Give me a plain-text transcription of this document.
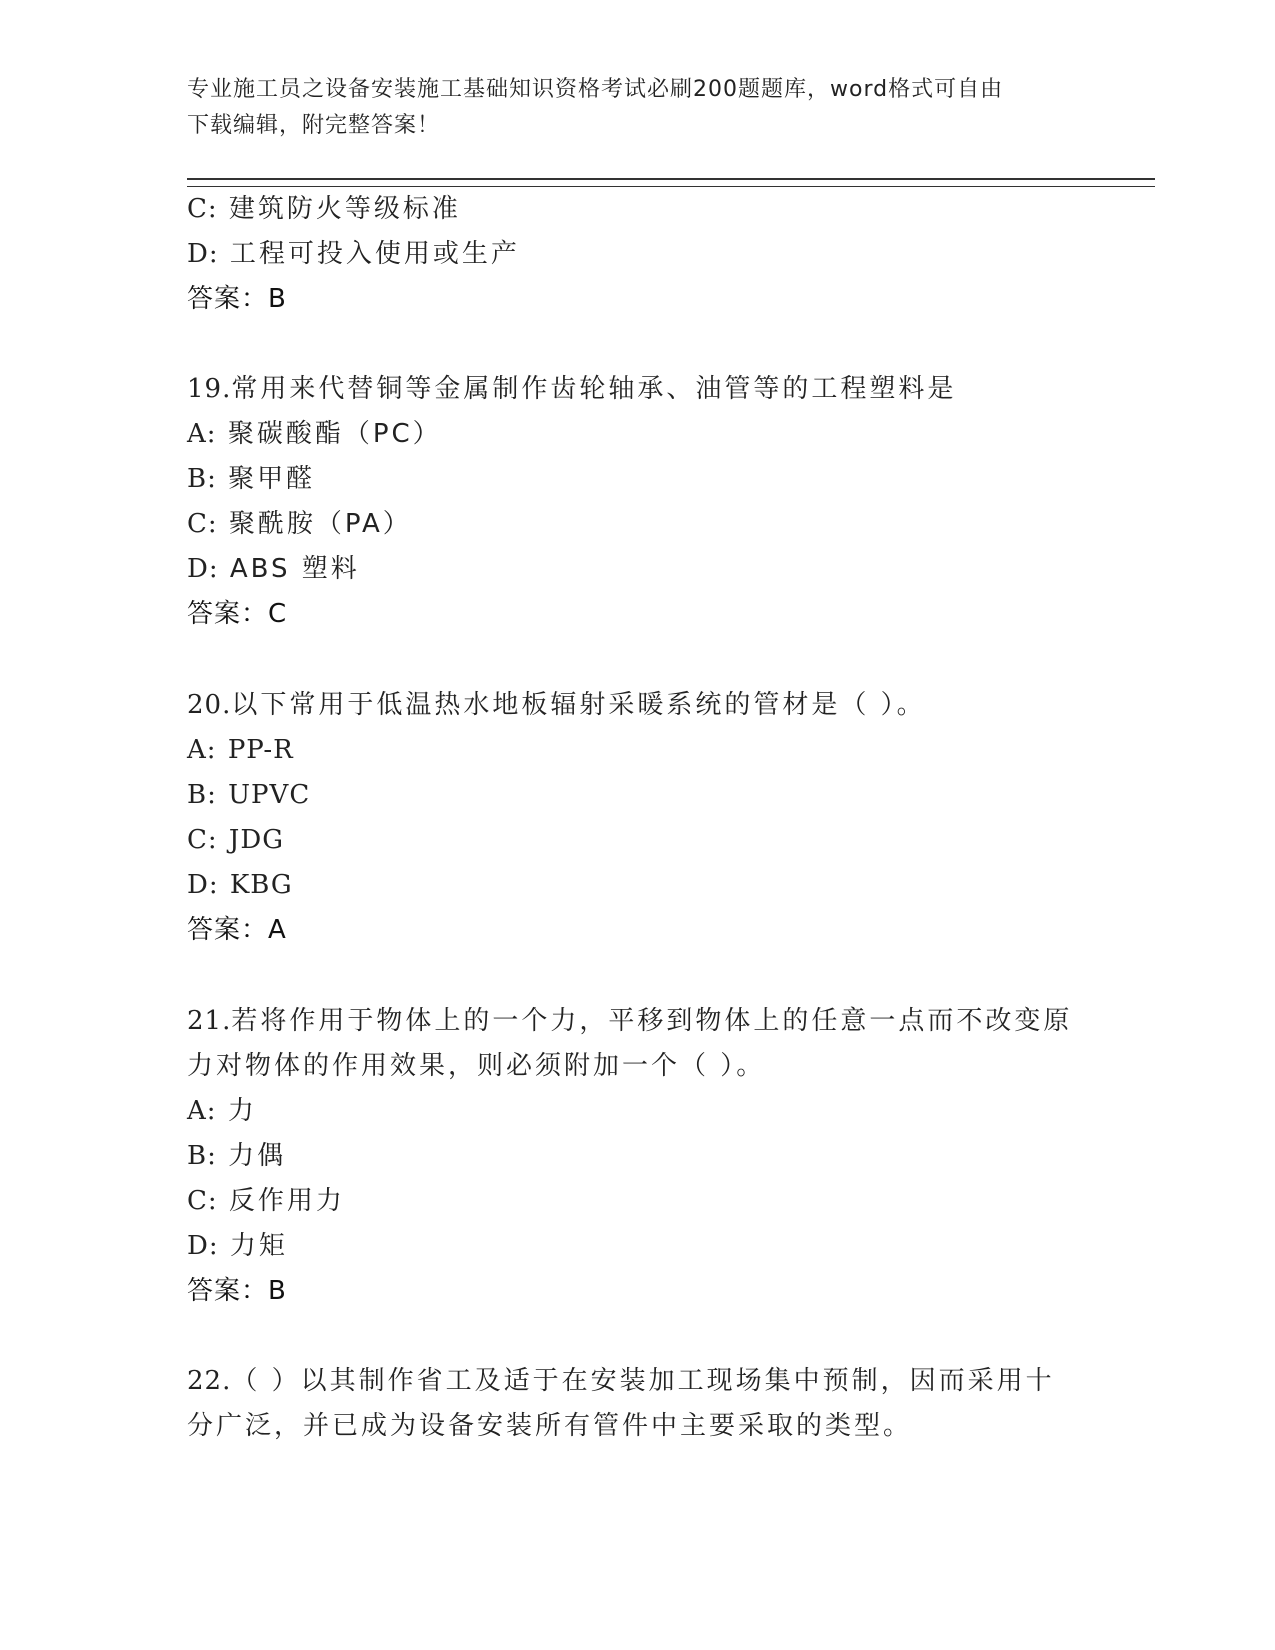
专业施工员之设备安装施工基础知识资格考试必刷200题题库，word格式可自由
下载编辑，附完整答案！
C: 建筑防火等级标准
D: 工程可投入使用或生产
答案：B
19.常用来代替铜等金属制作齿轮轴承、油管等的工程塑料是
A: 聚碳酸酯（PC）
B: 聚甲醛
C: 聚酰胺（PA）
D: ABS 塑料
答案：C
20.以下常用于低温热水地板辐射采暖系统的管材是（ ）。
A: PP-R
B: UPVC
C: JDG
D: KBG
答案：A
21.若将作用于物体上的一个力，平移到物体上的任意一点而不改变原
力对物体的作用效果，则必须附加一个（ ）。
A: 力
B: 力偶
C: 反作用力
D: 力矩
答案：B
22.（ ）以其制作省工及适于在安装加工现场集中预制，因而采用十
分广泛，并已成为设备安装所有管件中主要采取的类型。
